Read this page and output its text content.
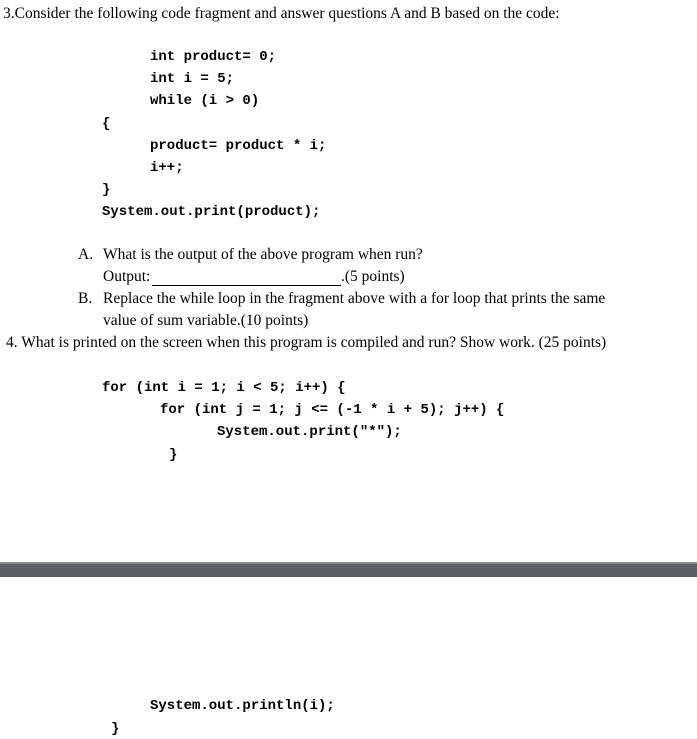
3.Consider the following code fragment and answer questions A and B based on the code:
int product= 0;
int i = 5;
while (i > 0)
{
product= product * i;
i++;
}
System.out.print(product);
A. What is the output of the above program when run?
Output:	.(5 points)
B. Replace the while loop in the fragment above with a for loop that prints the same
value of sum variable.(10 points)
4. What is printed on the screen when this program is compiled and run? Show work. (25 points)
for (int i = 1; i < 5; i++) {
for (int j = 1; j <= (-1 * i + 5); j++) {
System.out.print("*");
}
System.out.println(i);
}
